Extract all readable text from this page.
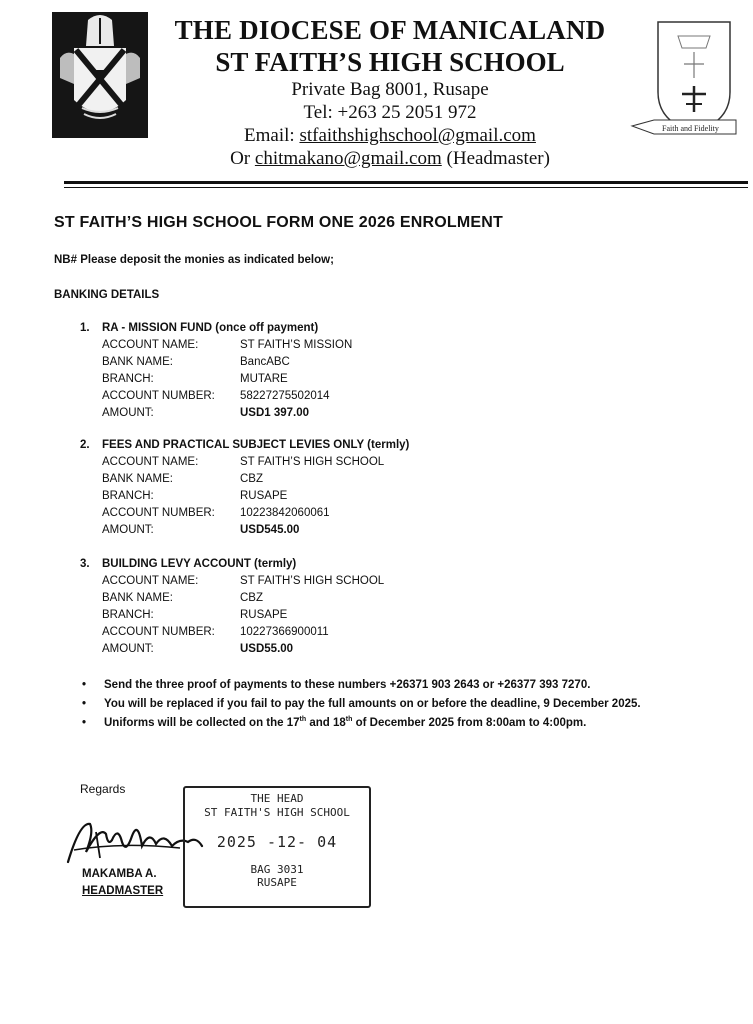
THE DIOCESE OF MANICALAND
ST FAITH’S HIGH SCHOOL
Private Bag 8001, Rusape
Tel: +263 25 2051 972
Email: stfaithshighschool@gmail.com
Or chitmakano@gmail.com (Headmaster)
Faith and Fidelity
ST FAITH’S HIGH SCHOOL FORM ONE 2026 ENROLMENT
NB# Please deposit the monies as indicated below;
BANKING DETAILS
1. RA - MISSION FUND (once off payment)
ACCOUNT NAME:	ST FAITH’S MISSION
BANK NAME:	BancABC
BRANCH:	MUTARE
ACCOUNT NUMBER: 58227275502014
AMOUNT:	USD1 397.00
2. FEES AND PRACTICAL SUBJECT LEVIES ONLY (termly)
ACCOUNT NAME:	ST FAITH’S HIGH SCHOOL
BANK NAME:	CBZ
BRANCH:	RUSAPE
ACCOUNT NUMBER: 10223842060061
AMOUNT:	USD545.00
3. BUILDING LEVY ACCOUNT (termly)
ACCOUNT NAME:	ST FAITH’S HIGH SCHOOL
BANK NAME:	CBZ
BRANCH:	RUSAPE
ACCOUNT NUMBER: 10227366900011
AMOUNT:	USD55.00
• Send the three proof of payments to these numbers +26371 903 2643 or +26377 393 7270.
• You will be replaced if you fail to pay the full amounts on or before the deadline, 9 December 2025.
• Uniforms will be collected on the 17th and 18th of December 2025 from 8:00am to 4:00pm.
Regards
MAKAMBA A.
HEADMASTER
THE HEAD
ST FAITH'S HIGH SCHOOL
2025 -12- 04
BAG 3031
RUSAPE
